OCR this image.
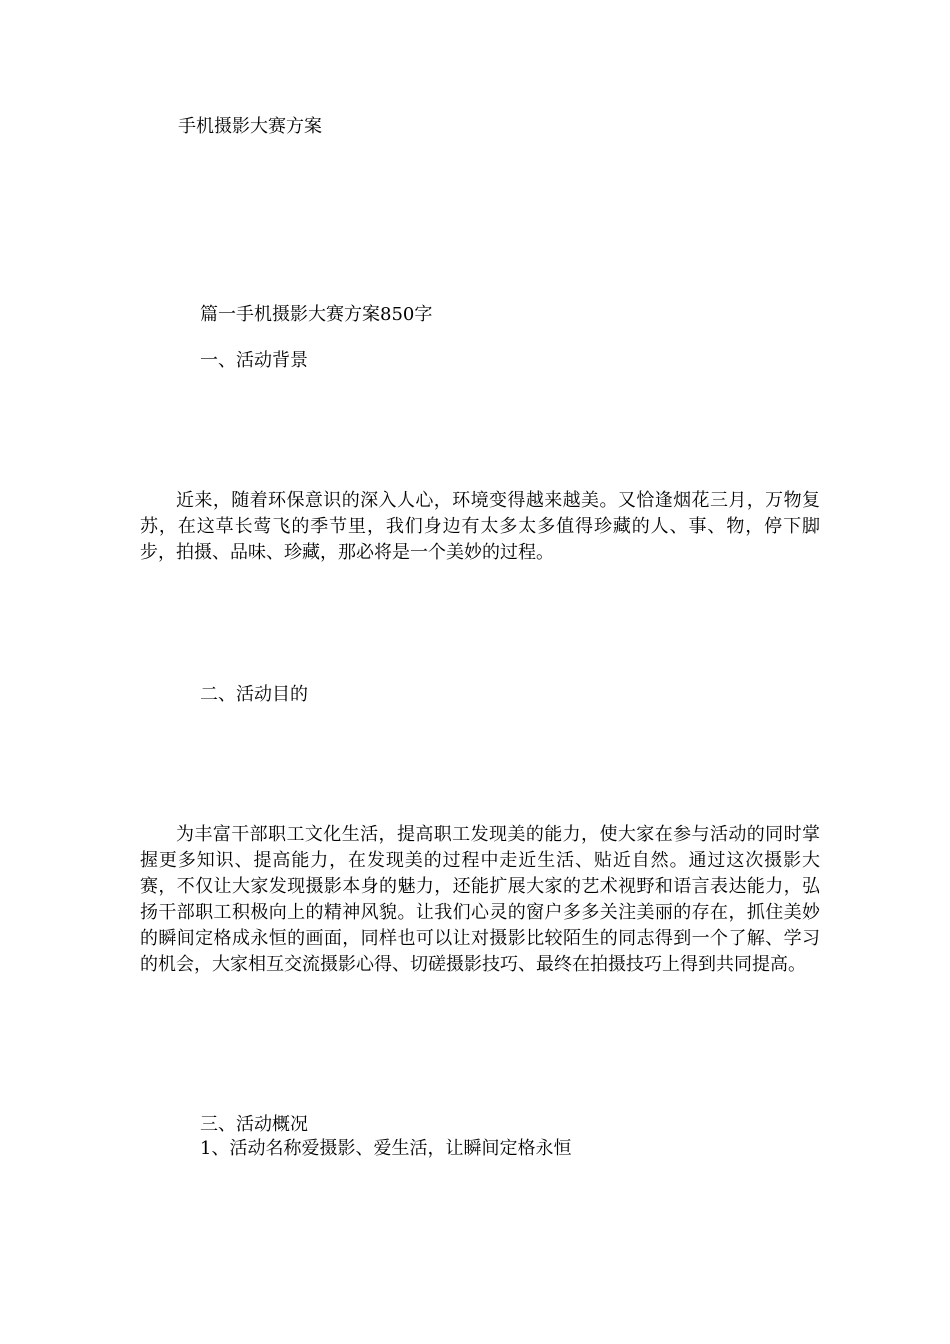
手机摄影大赛方案

篇一手机摄影大赛方案850字

一、活动背景

近来，随着环保意识的深入人心，环境变得越来越美。又恰逢烟花三月，万物复苏，在这草长莺飞的季节里，我们身边有太多太多值得珍藏的人、事、物，停下脚步，拍摄、品味、珍藏，那必将是一个美妙的过程。

二、活动目的

为丰富干部职工文化生活，提高职工发现美的能力，使大家在参与活动的同时掌握更多知识、提高能力，在发现美的过程中走近生活、贴近自然。通过这次摄影大赛，不仅让大家发现摄影本身的魅力，还能扩展大家的艺术视野和语言表达能力，弘扬干部职工积极向上的精神风貌。让我们心灵的窗户多多关注美丽的存在，抓住美妙的瞬间定格成永恒的画面，同样也可以让对摄影比较陌生的同志得到一个了解、学习的机会，大家相互交流摄影心得、切磋摄影技巧、最终在拍摄技巧上得到共同提高。

三、活动概况

1、活动名称爱摄影、爱生活，让瞬间定格永恒
